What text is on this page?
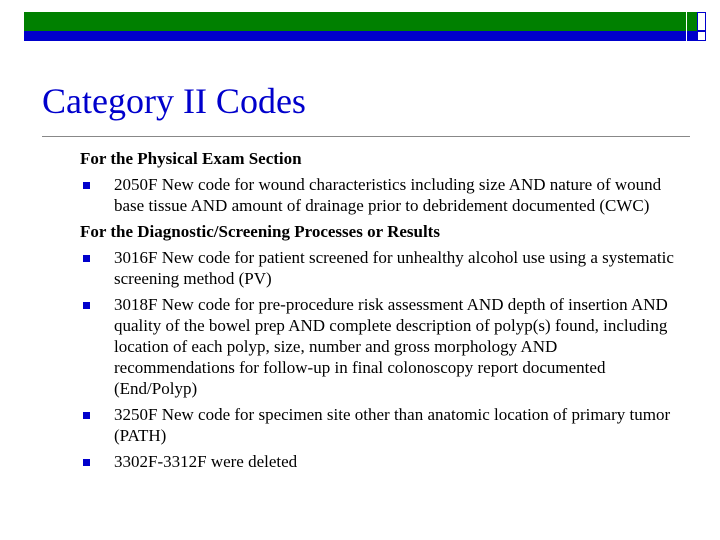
Category II Codes
For the Physical Exam Section
2050F New code for wound characteristics including size AND nature of wound base tissue AND amount of drainage prior to debridement documented (CWC)
For the Diagnostic/Screening Processes or Results
3016F New code for patient screened for unhealthy alcohol use using a systematic screening method (PV)
3018F New code for pre-procedure risk assessment AND depth of insertion AND quality of the bowel prep AND complete description of polyp(s) found, including location of each polyp, size, number and gross morphology AND recommendations for follow-up in final colonoscopy report documented (End/Polyp)
3250F New code for specimen site other than anatomic location of primary tumor (PATH)
3302F-3312F were deleted
